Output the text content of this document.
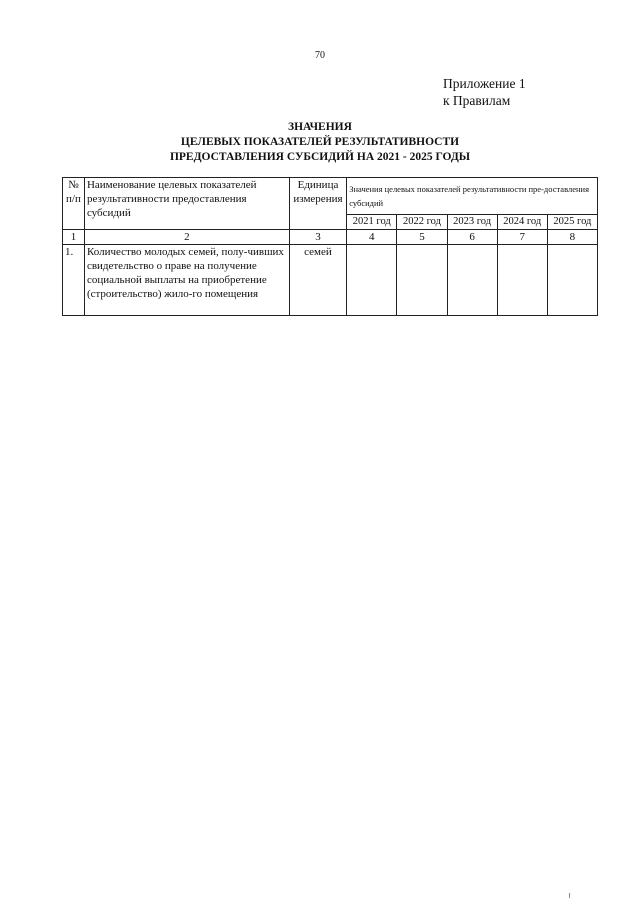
70
Приложение 1
к Правилам
ЗНАЧЕНИЯ
ЦЕЛЕВЫХ ПОКАЗАТЕЛЕЙ РЕЗУЛЬТАТИВНОСТИ
ПРЕДОСТАВЛЕНИЯ СУБСИДИЙ НА 2021 - 2025 ГОДЫ
№ п/п	Наименование целевых показателей результативности предоставления субсидий	Единица измерения	Значения целевых показателей результативности пре-доставления субсидий				
			2021 год	2022 год	2023 год	2024 год	2025 год
1	2	3	4	5	6	7	8
1.	Количество молодых семей, полу-чивших свидетельство о праве на получение социальной выплаты на приобретение (строительство) жило-го помещения	семей					
